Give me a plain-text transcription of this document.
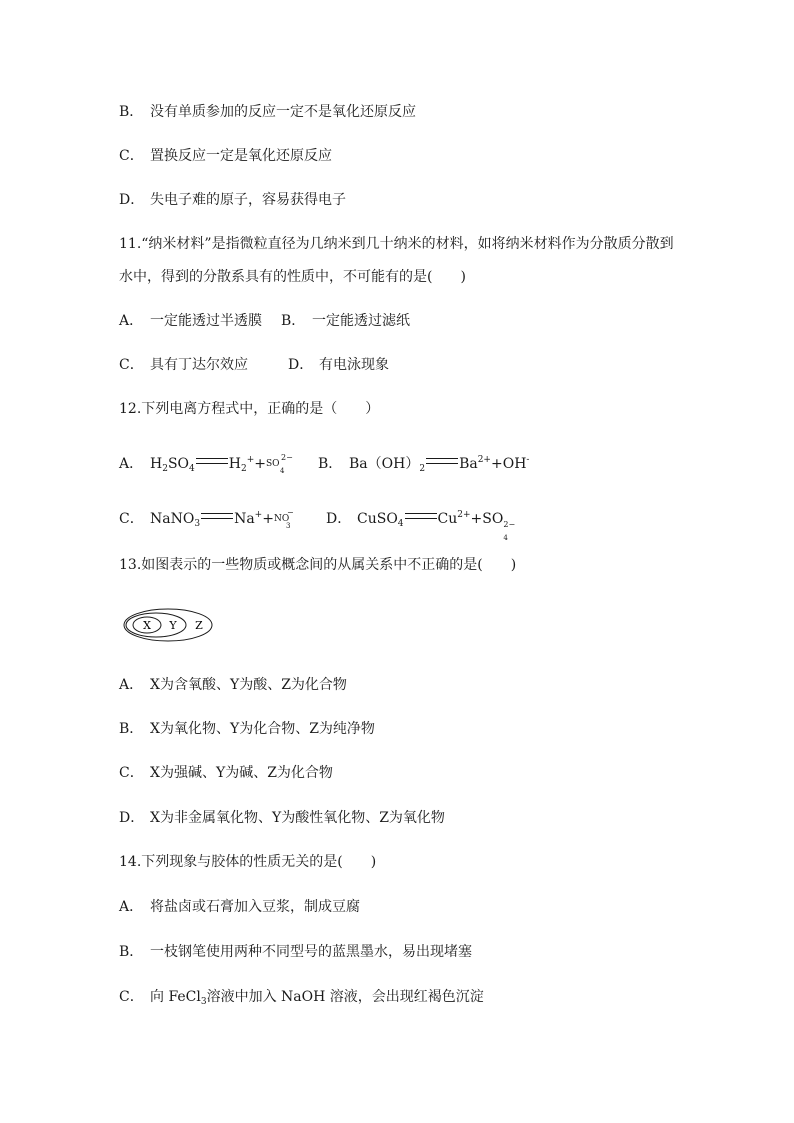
B． 没有单质参加的反应一定不是氧化还原反应
C． 置换反应一定是氧化还原反应
D． 失电子难的原子，容易获得电子
11.“纳米材料”是指微粒直径为几纳米到几十纳米的材料，如将纳米材料作为分散质分散到
水中，得到的分散系具有的性质中，不可能有的是( )
A． 一定能透过半透膜 B． 一定能透过滤纸
C． 具有丁达尔效应	D． 有电泳现象
12.下列电离方程式中，正确的是（ ）
A． $H_2SO_4$ $H_2^++SO$
2−
4 B． $Ba(OH)_2$ $Ba^{2+}+OH^-$
C． NaNO$_3$ Na++NO
−
3	D． CuSO$_4$ $Cu^{2+}+SO$ 2−
4
13.如图表示的一些物质或概念间的从属关系中不正确的是( )
X Y Z
A． X为含氧酸、Y为酸、Z为化合物
B． X为氧化物、Y为化合物、Z为纯净物
C． X为强碱、Y为碱、Z为化合物
D． X为非金属氧化物、Y为酸性氧化物、Z为氧化物
14.下列现象与胶体的性质无关的是( )
A． 将盐卤或石膏加入豆浆，制成豆腐
B． 一枝钢笔使用两种不同型号的蓝黑墨水，易出现堵塞
C． 向 FeCl$_3$溶液中加入 NaOH 溶液，会出现红褐色沉淀
